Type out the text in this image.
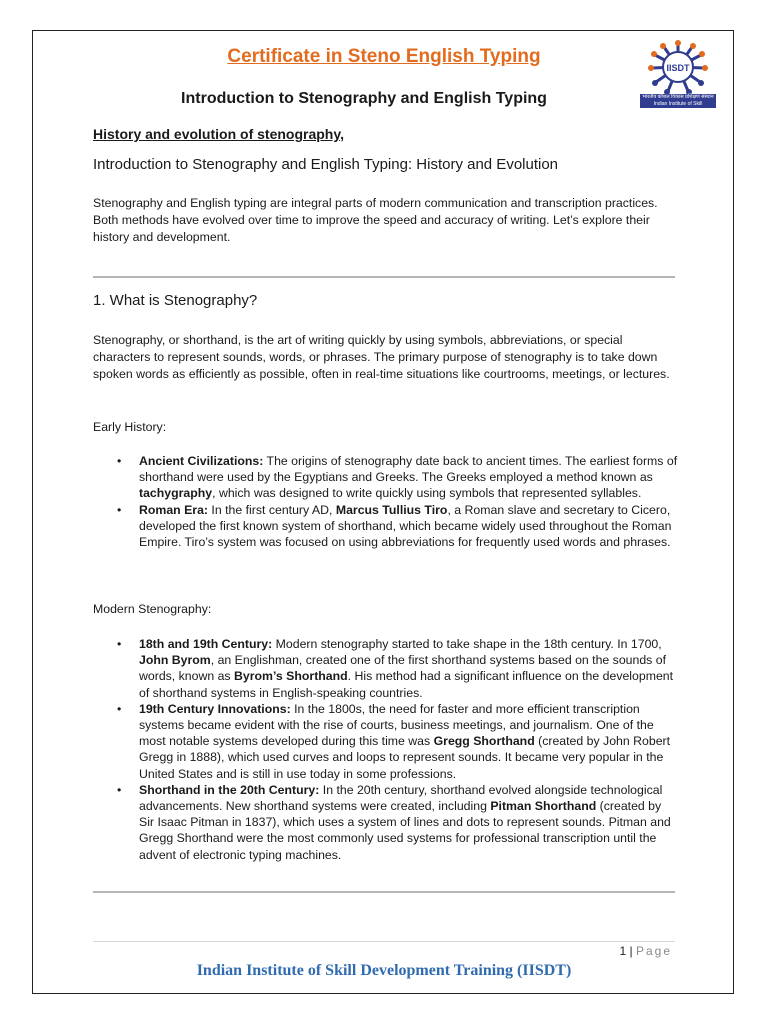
Certificate in Steno English Typing
IISDT
भारतीय कौशल विकास प्रशिक्षण संस्थान Indian Institute of Skill Development Training
Introduction to Stenography and English Typing
History and evolution of stenography,
Introduction to Stenography and English Typing: History and Evolution
Stenography and English typing are integral parts of modern communication and transcription practices. Both methods have evolved over time to improve the speed and accuracy of writing. Let’s explore their history and development.
1. What is Stenography?
Stenography, or shorthand, is the art of writing quickly by using symbols, abbreviations, or special characters to represent sounds, words, or phrases. The primary purpose of stenography is to take down spoken words as efficiently as possible, often in real-time situations like courtrooms, meetings, or lectures.
Early History:
• Ancient Civilizations: The origins of stenography date back to ancient times. The earliest forms of shorthand were used by the Egyptians and Greeks. The Greeks employed a method known as tachygraphy, which was designed to write quickly using symbols that represented syllables.
• Roman Era: In the first century AD, Marcus Tullius Tiro, a Roman slave and secretary to Cicero, developed the first known system of shorthand, which became widely used throughout the Roman Empire. Tiro’s system was focused on using abbreviations for frequently used words and phrases.
Modern Stenography:
• 18th and 19th Century: Modern stenography started to take shape in the 18th century. In 1700, John Byrom, an Englishman, created one of the first shorthand systems based on the sounds of words, known as Byrom’s Shorthand. His method had a significant influence on the development of shorthand systems in English-speaking countries.
• 19th Century Innovations: In the 1800s, the need for faster and more efficient transcription systems became evident with the rise of courts, business meetings, and journalism. One of the most notable systems developed during this time was Gregg Shorthand (created by John Robert Gregg in 1888), which used curves and loops to represent sounds. It became very popular in the United States and is still in use today in some professions.
• Shorthand in the 20th Century: In the 20th century, shorthand evolved alongside technological advancements. New shorthand systems were created, including Pitman Shorthand (created by Sir Isaac Pitman in 1837), which uses a system of lines and dots to represent sounds. Pitman and Gregg Shorthand were the most commonly used systems for professional transcription until the advent of electronic typing machines.
1 | Page
Indian Institute of Skill Development Training (IISDT)
